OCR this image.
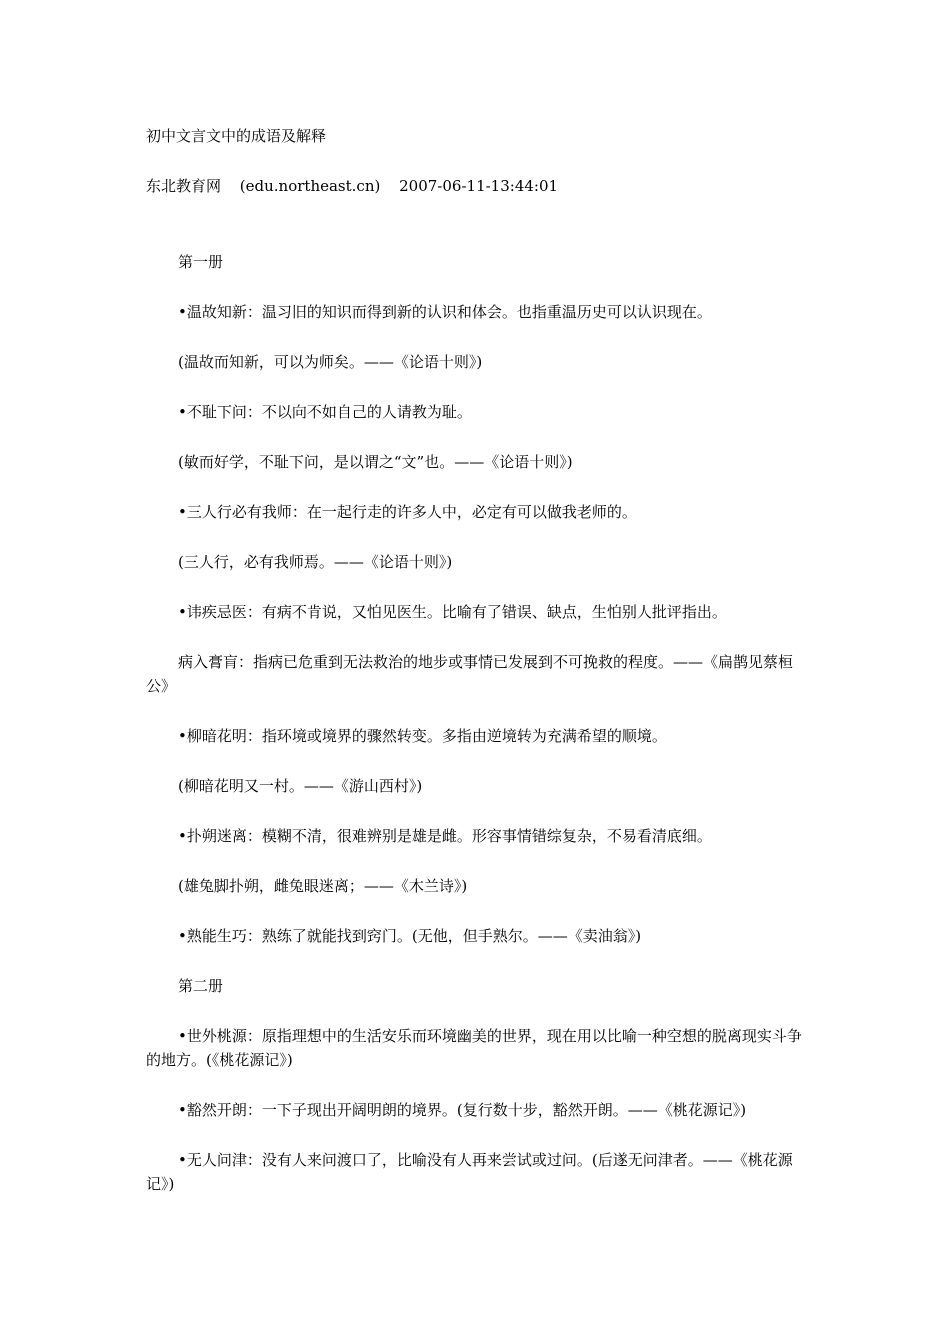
初中文言文中的成语及解释

东北教育网 (edu.northeast.cn) 2007-06-11-13:44:01

第一册

•温故知新：温习旧的知识而得到新的认识和体会。也指重温历史可以认识现在。

(温故而知新，可以为师矣。——《论语十则》)

•不耻下问：不以向不如自己的人请教为耻。

(敏而好学，不耻下问，是以谓之“文”也。——《论语十则》)

•三人行必有我师：在一起行走的许多人中，必定有可以做我老师的。

(三人行，必有我师焉。——《论语十则》)

•讳疾忌医：有病不肯说，又怕见医生。比喻有了错误、缺点，生怕别人批评指出。

病入膏肓：指病已危重到无法救治的地步或事情已发展到不可挽救的程度。——《扁鹊见蔡桓公》

•柳暗花明：指环境或境界的骤然转变。多指由逆境转为充满希望的顺境。

(柳暗花明又一村。——《游山西村》)

•扑朔迷离：模糊不清，很难辨别是雄是雌。形容事情错综复杂，不易看清底细。

(雄兔脚扑朔，雌兔眼迷离；——《木兰诗》)

•熟能生巧：熟练了就能找到窍门。(无他，但手熟尔。——《卖油翁》)

第二册

•世外桃源：原指理想中的生活安乐而环境幽美的世界，现在用以比喻一种空想的脱离现实斗争的地方。(《桃花源记》)

•豁然开朗：一下子现出开阔明朗的境界。(复行数十步，豁然开朗。——《桃花源记》)

•无人问津：没有人来问渡口了，比喻没有人再来尝试或过问。(后遂无问津者。——《桃花源记》)
